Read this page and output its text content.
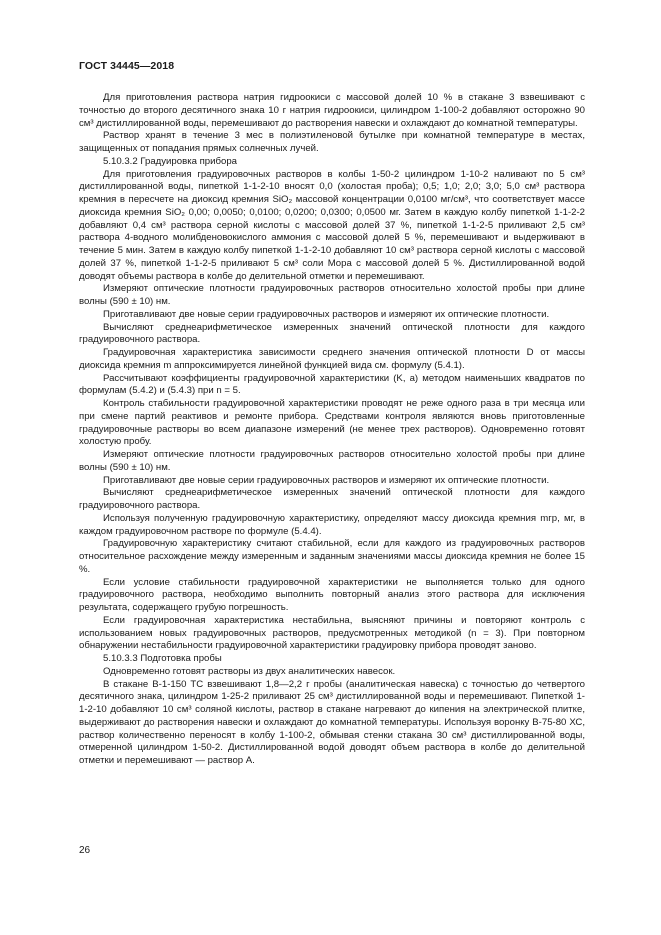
ГОСТ 34445—2018

Для приготовления раствора натрия гидроокиси с массовой долей 10 % в стакане 3 взвешивают с точностью до второго десятичного знака 10 г натрия гидроокиси, цилиндром 1-100-2 добавляют осторожно 90 см³ дистиллированной воды, перемешивают до растворения навески и охлаждают до комнатной температуры.

Раствор хранят в течение 3 мес в полиэтиленовой бутылке при комнатной температуре в местах, защищенных от попадания прямых солнечных лучей.

5.10.3.2 Градуировка прибора

Для приготовления градуировочных растворов в колбы 1-50-2 цилиндром 1-10-2 наливают по 5 см³ дистиллированной воды, пипеткой 1-1-2-10 вносят 0,0 (холостая проба); 0,5; 1,0; 2,0; 3,0; 5,0 см³ раствора кремния в пересчете на диоксид кремния SiO₂ массовой концентрации 0,0100 мг/см³, что соответствует массе диоксида кремния SiO₂ 0,00; 0,0050; 0,0100; 0,0200; 0,0300; 0,0500 мг. Затем в каждую колбу пипеткой 1-1-2-2 добавляют 0,4 см³ раствора серной кислоты с массовой долей 37 %, пипеткой 1-1-2-5 приливают 2,5 см³ раствора 4-водного молибденовокислого аммония с массовой долей 5 %, перемешивают и выдерживают в течение 5 мин. Затем в каждую колбу пипеткой 1-1-2-10 добавляют 10 см³ раствора серной кислоты с массовой долей 37 %, пипеткой 1-1-2-5 приливают 5 см³ соли Мора с массовой долей 5 %. Дистиллированной водой доводят объемы раствора в колбе до делительной отметки и перемешивают.

Измеряют оптические плотности градуировочных растворов относительно холостой пробы при длине волны (590 ± 10) нм.

Приготавливают две новые серии градуировочных растворов и измеряют их оптические плотности.

Вычисляют среднеарифметическое измеренных значений оптической плотности для каждого градуировочного раствора.

Градуировочная характеристика зависимости среднего значения оптической плотности D от массы диоксида кремния m аппроксимируется линейной функцией вида см. формулу (5.4.1).

Рассчитывают коэффициенты градуировочной характеристики (K, a) методом наименьших квадратов по формулам (5.4.2) и (5.4.3) при n = 5.

Контроль стабильности градуировочной характеристики проводят не реже одного раза в три месяца или при смене партий реактивов и ремонте прибора. Средствами контроля являются вновь приготовленные градуировочные растворы во всем диапазоне измерений (не менее трех растворов). Одновременно готовят холостую пробу.

Измеряют оптические плотности градуировочных растворов относительно холостой пробы при длине волны (590 ± 10) нм.

Приготавливают две новые серии градуировочных растворов и измеряют их оптические плотности.

Вычисляют среднеарифметическое измеренных значений оптической плотности для каждого градуировочного раствора.

Используя полученную градуировочную характеристику, определяют массу диоксида кремния mгр, мг, в каждом градуировочном растворе по формуле (5.4.4).

Градуировочную характеристику считают стабильной, если для каждого из градуировочных растворов относительное расхождение между измеренным и заданным значениями массы диоксида кремния не более 15 %.

Если условие стабильности градуировочной характеристики не выполняется только для одного градуировочного раствора, необходимо выполнить повторный анализ этого раствора для исключения результата, содержащего грубую погрешность.

Если градуировочная характеристика нестабильна, выясняют причины и повторяют контроль с использованием новых градуировочных растворов, предусмотренных методикой (n = 3). При повторном обнаружении нестабильности градуировочной характеристики градуировку прибора проводят заново.

5.10.3.3 Подготовка пробы

Одновременно готовят растворы из двух аналитических навесок.

В стакане В-1-150 ТС взвешивают 1,8—2,2 г пробы (аналитическая навеска) с точностью до четвертого десятичного знака, цилиндром 1-25-2 приливают 25 см³ дистиллированной воды и перемешивают. Пипеткой 1-1-2-10 добавляют 10 см³ соляной кислоты, раствор в стакане нагревают до кипения на электрической плитке, выдерживают до растворения навески и охлаждают до комнатной температуры. Используя воронку В-75-80 ХС, раствор количественно переносят в колбу 1-100-2, обмывая стенки стакана 30 см³ дистиллированной воды, отмеренной цилиндром 1-50-2. Дистиллированной водой доводят объем раствора в колбе до делительной отметки и перемешивают — раствор А.

26
